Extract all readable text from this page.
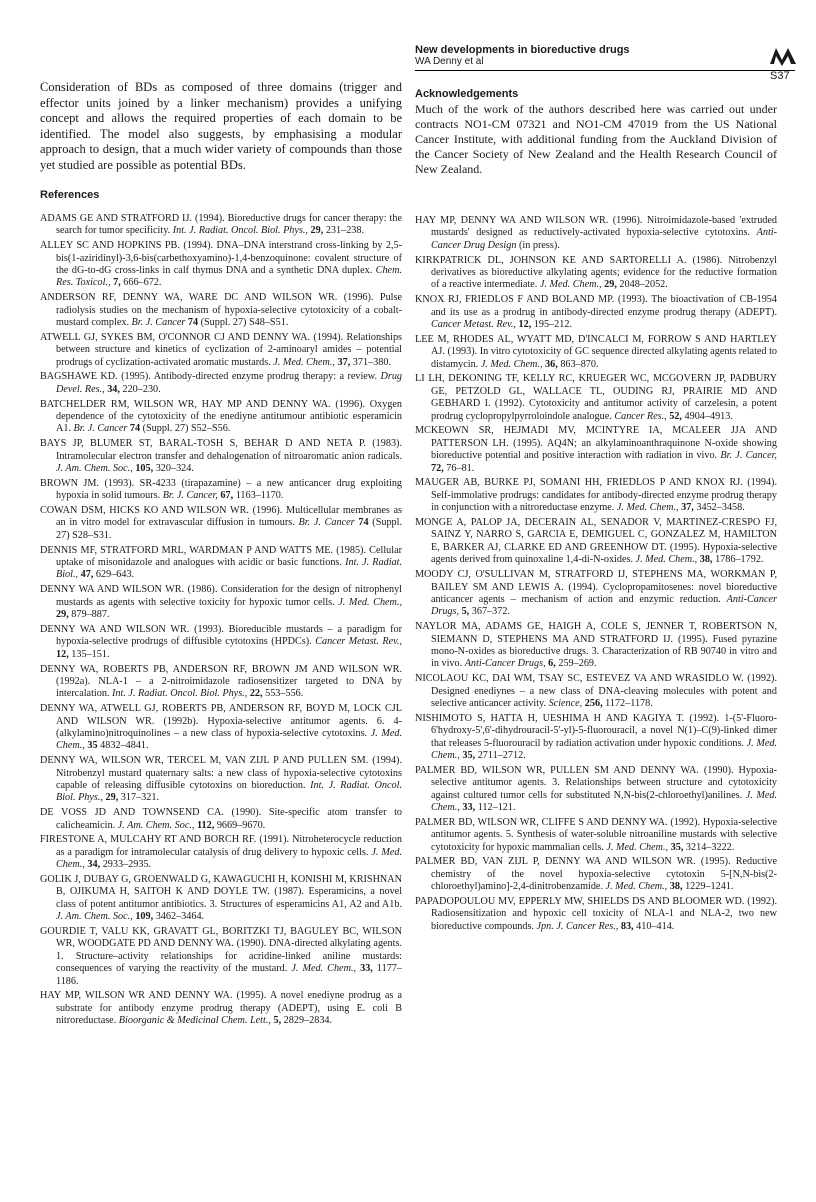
New developments in bioreductive drugs
WA Denny et al
S37

Consideration of BDs as composed of three domains (trigger and effector units joined by a linker mechanism) provides a unifying concept and allows the required properties of each domain to be identified. The model also suggests, by emphasising a modular approach to design, that a much wider variety of compounds than those yet studied are possible as potential BDs.

References

ADAMS GE AND STRATFORD IJ. (1994). Bioreductive drugs for cancer therapy: the search for tumor specificity. Int. J. Radiat. Oncol. Biol. Phys., 29, 231–238.

ALLEY SC AND HOPKINS PB. (1994). DNA–DNA interstrand cross-linking by 2,5-bis(1-aziridinyl)-3,6-bis(carbethoxyamino)-1,4-benzoquinone: covalent structure of the dG-to-dG cross-links in calf thymus DNA and a synthetic DNA duplex. Chem. Res. Toxicol., 7, 666–672.

ANDERSON RF, DENNY WA, WARE DC AND WILSON WR. (1996). Pulse radiolysis studies on the mechanism of hypoxia-selective cytotoxicity of a cobalt-mustard complex. Br. J. Cancer 74 (Suppl. 27) S48–S51.

ATWELL GJ, SYKES BM, O'CONNOR CJ AND DENNY WA. (1994). Relationships between structure and kinetics of cyclization of 2-aminoaryl amides – potential prodrugs of cyclization-activated aromatic mustards. J. Med. Chem., 37, 371–380.

BAGSHAWE KD. (1995). Antibody-directed enzyme prodrug therapy: a review. Drug Devel. Res., 34, 220–230.

BATCHELDER RM, WILSON WR, HAY MP AND DENNY WA. (1996). Oxygen dependence of the cytotoxicity of the enediyne antitumour antibiotic esperamicin A1. Br. J. Cancer 74 (Suppl. 27) S52–S56.

BAYS JP, BLUMER ST, BARAL-TOSH S, BEHAR D AND NETA P. (1983). Intramolecular electron transfer and dehalogenation of nitroaromatic anion radicals. J. Am. Chem. Soc., 105, 320–324.

BROWN JM. (1993). SR-4233 (tirapazamine) – a new anticancer drug exploiting hypoxia in solid tumours. Br. J. Cancer, 67, 1163–1170.

COWAN DSM, HICKS KO AND WILSON WR. (1996). Multicellular membranes as an in vitro model for extravascular diffusion in tumours. Br. J. Cancer 74 (Suppl. 27) S28–S31.

DENNIS MF, STRATFORD MRL, WARDMAN P AND WATTS ME. (1985). Cellular uptake of misonidazole and analogues with acidic or basic functions. Int. J. Radiat. Biol., 47, 629–643.

DENNY WA AND WILSON WR. (1986). Consideration for the design of nitrophenyl mustards as agents with selective toxicity for hypoxic tumor cells. J. Med. Chem., 29, 879–887.

DENNY WA AND WILSON WR. (1993). Bioreducible mustards – a paradigm for hypoxia-selective prodrugs of diffusible cytotoxins (HPDCs). Cancer Metast. Rev., 12, 135–151.

DENNY WA, ROBERTS PB, ANDERSON RF, BROWN JM AND WILSON WR. (1992a). NLA-1 – a 2-nitroimidazole radiosensitizer targeted to DNA by intercalation. Int. J. Radiat. Oncol. Biol. Phys., 22, 553–556.

DENNY WA, ATWELL GJ, ROBERTS PB, ANDERSON RF, BOYD M, LOCK CJL AND WILSON WR. (1992b). Hypoxia-selective antitumor agents. 6. 4-(alkylamino)nitroquinolines – a new class of hypoxia-selective cytotoxins. J. Med. Chem., 35 4832–4841.

DENNY WA, WILSON WR, TERCEL M, VAN ZIJL P AND PULLEN SM. (1994). Nitrobenzyl mustard quaternary salts: a new class of hypoxia-selective cytotoxins capable of releasing diffusible cytotoxins on bioreduction. Int. J. Radiat. Oncol. Biol. Phys., 29, 317–321.

DE VOSS JD AND TOWNSEND CA. (1990). Site-specific atom transfer to calicheamicin. J. Am. Chem. Soc., 112, 9669–9670.

FIRESTONE A, MULCAHY RT AND BORCH RF. (1991). Nitroheterocycle reduction as a paradigm for intramolecular catalysis of drug delivery to hypoxic cells. J. Med. Chem., 34, 2933–2935.

GOLIK J, DUBAY G, GROENWALD G, KAWAGUCHI H, KONISHI M, KRISHNAN B, OJIKUMA H, SAITOH K AND DOYLE TW. (1987). Esperamicins, a novel class of potent antitumor antibiotics. 3. Structures of esperamicins A1, A2 and A1b. J. Am. Chem. Soc., 109, 3462–3464.

GOURDIE T, VALU KK, GRAVATT GL, BORITZKI TJ, BAGULEY BC, WILSON WR, WOODGATE PD AND DENNY WA. (1990). DNA-directed alkylating agents. 1. Structure–activity relationships for acridine-linked aniline mustards: consequences of varying the reactivity of the mustard. J. Med. Chem., 33, 1177–1186.

HAY MP, WILSON WR AND DENNY WA. (1995). A novel enediyne prodrug as a substrate for antibody enzyme prodrug therapy (ADEPT), using E. coli B nitroreductase. Bioorganic & Medicinal Chem. Lett., 5, 2829–2834.

Acknowledgements

Much of the work of the authors described here was carried out under contracts NO1-CM 07321 and NO1-CM 47019 from the US National Cancer Institute, with additional funding from the Auckland Division of the Cancer Society of New Zealand and the Health Research Council of New Zealand.

HAY MP, DENNY WA AND WILSON WR. (1996). Nitroimidazole-based 'extruded mustards' designed as reductively-activated hypoxia-selective cytotoxins. Anti-Cancer Drug Design (in press).

KIRKPATRICK DL, JOHNSON KE AND SARTORELLI A. (1986). Nitrobenzyl derivatives as bioreductive alkylating agents; evidence for the reductive formation of a reactive intermediate. J. Med. Chem., 29, 2048–2052.

KNOX RJ, FRIEDLOS F AND BOLAND MP. (1993). The bioactivation of CB-1954 and its use as a prodrug in antibody-directed enzyme prodrug therapy (ADEPT). Cancer Metast. Rev., 12, 195–212.

LEE M, RHODES AL, WYATT MD, D'INCALCI M, FORROW S AND HARTLEY AJ. (1993). In vitro cytotoxicity of GC sequence directed alkylating agents related to distamycin. J. Med. Chem., 36, 863–870.

LI LH, DEKONING TF, KELLY RC, KRUEGER WC, MCGOVERN JP, PADBURY GE, PETZOLD GL, WALLACE TL, OUDING RJ, PRAIRIE MD AND GEBHARD I. (1992). Cytotoxicity and antitumor activity of carzelesin, a potent prodrug cyclopropylpyrroloindole analogue. Cancer Res., 52, 4904–4913.

MCKEOWN SR, HEJMADI MV, MCINTYRE IA, MCALEER JJA AND PATTERSON LH. (1995). AQ4N; an alkylaminoanthraquinone N-oxide showing bioreductive potential and positive interaction with radiation in vivo. Br. J. Cancer, 72, 76–81.

MAUGER AB, BURKE PJ, SOMANI HH, FRIEDLOS P AND KNOX RJ. (1994). Self-immolative prodrugs: candidates for antibody-directed enzyme prodrug therapy in conjunction with a nitroreductase enzyme. J. Med. Chem., 37, 3452–3458.

MONGE A, PALOP JA, DECERAIN AL, SENADOR V, MARTINEZ-CRESPO FJ, SAINZ Y, NARRO S, GARCIA E, DEMIGUEL C, GONZALEZ M, HAMILTON E, BARKER AJ, CLARKE ED AND GREENHOW DT. (1995). Hypoxia-selective agents derived from quinoxaline 1,4-di-N-oxides. J. Med. Chem., 38, 1786–1792.

MOODY CJ, O'SULLIVAN M, STRATFORD IJ, STEPHENS MA, WORKMAN P, BAILEY SM AND LEWIS A. (1994). Cyclopropamitosenes: novel bioreductive anticancer agents – mechanism of action and enzymic reduction. Anti-Cancer Drugs, 5, 367–372.

NAYLOR MA, ADAMS GE, HAIGH A, COLE S, JENNER T, ROBERTSON N, SIEMANN D, STEPHENS MA AND STRATFORD IJ. (1995). Fused pyrazine mono-N-oxides as bioreductive drugs. 3. Characterization of RB 90740 in vitro and in vivo. Anti-Cancer Drugs, 6, 259–269.

NICOLAOU KC, DAI WM, TSAY SC, ESTEVEZ VA AND WRASIDLO W. (1992). Designed enediynes – a new class of DNA-cleaving molecules with potent and selective anticancer activity. Science, 256, 1172–1178.

NISHIMOTO S, HATTA H, UESHIMA H AND KAGIYA T. (1992). 1-(5'-Fluoro-6'hydroxy-5',6'-dihydrouracil-5'-yl)-5-fluorouracil, a novel N(1)–C(9)-linked dimer that releases 5-fluorouracil by radiation activation under hypoxic conditions. J. Med. Chem., 35, 2711–2712.

PALMER BD, WILSON WR, PULLEN SM AND DENNY WA. (1990). Hypoxia-selective antitumor agents. 3. Relationships between structure and cytotoxicity against cultured tumor cells for substituted N,N-bis(2-chloroethyl)anilines. J. Med. Chem., 33, 112–121.

PALMER BD, WILSON WR, CLIFFE S AND DENNY WA. (1992). Hypoxia-selective antitumor agents. 5. Synthesis of water-soluble nitroaniline mustards with selective cytotoxicity for hypoxic mammalian cells. J. Med. Chem., 35, 3214–3222.

PALMER BD, VAN ZIJL P, DENNY WA AND WILSON WR. (1995). Reductive chemistry of the novel hypoxia-selective cytotoxin 5-[N,N-bis(2-chloroethyl)amino]-2,4-dinitrobenzamide. J. Med. Chem., 38, 1229–1241.

PAPADOPOULOU MV, EPPERLY MW, SHIELDS DS AND BLOOMER WD. (1992). Radiosensitization and hypoxic cell toxicity of NLA-1 and NLA-2, two new bioreductive compounds. Jpn. J. Cancer Res., 83, 410–414.
